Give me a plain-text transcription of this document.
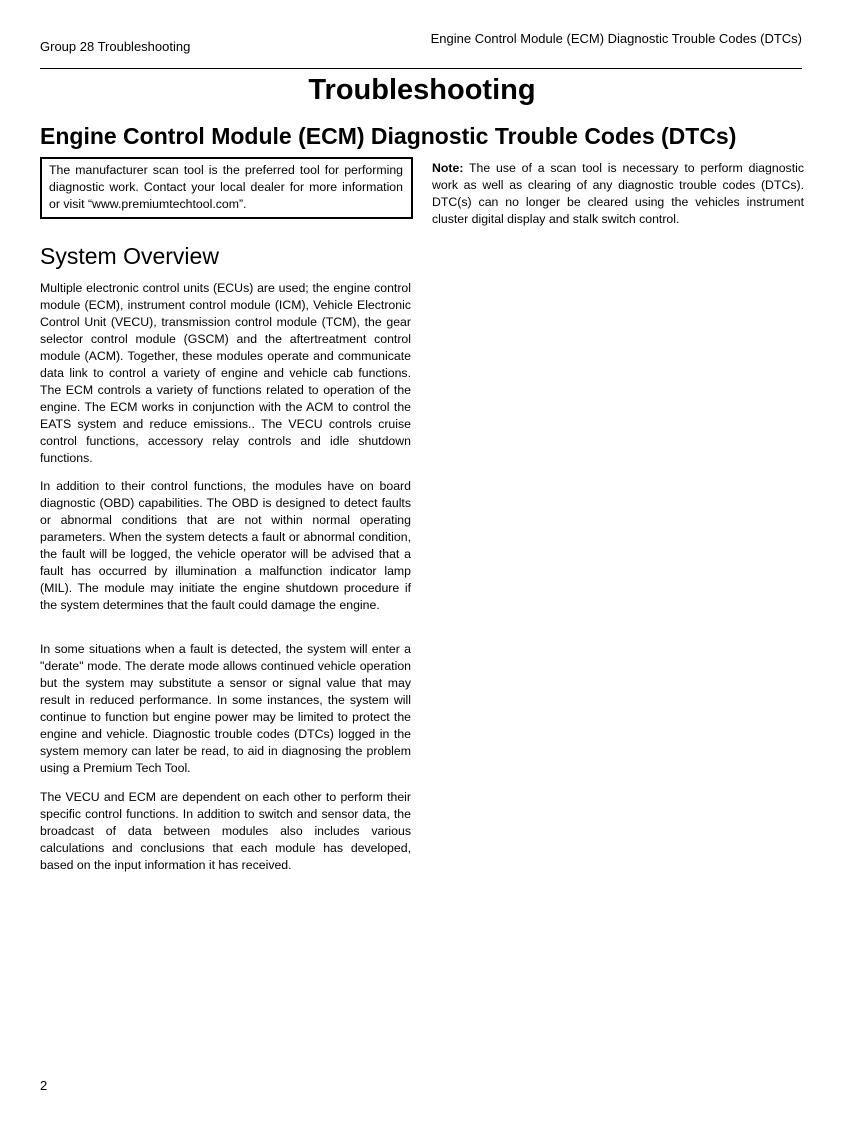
Group 28 Troubleshooting
Engine Control Module (ECM) Diagnostic Trouble Codes (DTCs)
Troubleshooting
Engine Control Module (ECM) Diagnostic Trouble Codes (DTCs)
The manufacturer scan tool is the preferred tool for performing diagnostic work. Contact your local dealer for more information or visit “www.premiumtechtool.com”.
Note: The use of a scan tool is necessary to perform diagnostic work as well as clearing of any diagnostic trouble codes (DTCs). DTC(s) can no longer be cleared using the vehicles instrument cluster digital display and stalk switch control.
System Overview

Multiple electronic control units (ECUs) are used; the engine control module (ECM), instrument control module (ICM), Vehicle Electronic Control Unit (VECU), transmission control module (TCM), the gear selector control module (GSCM) and the aftertreatment control module (ACM). Together, these modules operate and communicate data link to control a variety of engine and vehicle cab functions. The ECM controls a variety of functions related to operation of the engine. The ECM works in conjunction with the ACM to control the EATS system and reduce emissions.. The VECU controls cruise control functions, accessory relay controls and idle shutdown functions.

In addition to their control functions, the modules have on board diagnostic (OBD) capabilities. The OBD is designed to detect faults or abnormal conditions that are not within normal operating parameters. When the system detects a fault or abnormal condition, the fault will be logged, the vehicle operator will be advised that a fault has occurred by illumination a malfunction indicator lamp (MIL). The module may initiate the engine shutdown procedure if the system determines that the fault could damage the engine.

In some situations when a fault is detected, the system will enter a "derate" mode. The derate mode allows continued vehicle operation but the system may substitute a sensor or signal value that may result in reduced performance. In some instances, the system will continue to function but engine power may be limited to protect the engine and vehicle. Diagnostic trouble codes (DTCs) logged in the system memory can later be read, to aid in diagnosing the problem using a Premium Tech Tool.

The VECU and ECM are dependent on each other to perform their specific control functions. In addition to switch and sensor data, the broadcast of data between modules also includes various calculations and conclusions that each module has developed, based on the input information it has received.

2
